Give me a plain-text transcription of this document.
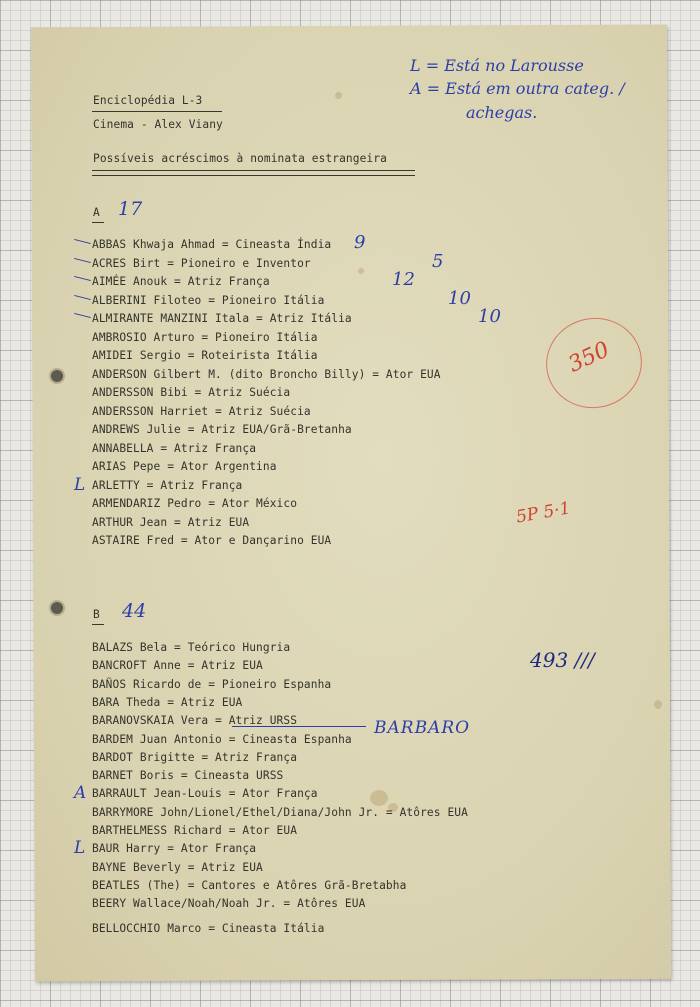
Enciclopédia L-3
Cinema - Alex Viany
Possíveis acréscimos à nominata estrangeira
L = Está no Larousse
A = Está em outra categ. /
achegas.
350
5P 5·1
493 ///
A 17
ABBAS Khwaja Ahmad = Cineasta Índia 9
ACRES Birt = Pioneiro e Inventor	5
AIMÉE Anouk = Atriz França	12
ALBERINI Filoteo = Pioneiro Itália	10
ALMIRANTE MANZINI Itala = Atriz Itália	10
AMBROSIO Arturo = Pioneiro Itália
AMIDEI Sergio = Roteirista Itália
ANDERSON Gilbert M. (dito Broncho Billy) = Ator EUA
ANDERSSON Bibi = Atriz Suécia
ANDERSSON Harriet = Atriz Suécia
ANDREWS Julie = Atriz EUA/Grã-Bretanha
ANNABELLA = Atriz França
ARIAS Pepe = Ator Argentina
ARLETTY = Atriz França
L
ARMENDARIZ Pedro = Ator México
ARTHUR Jean = Atriz EUA
ASTAIRE Fred = Ator e Dançarino EUA
B 44
BALAZS Bela = Teórico Hungria
BANCROFT Anne = Atriz EUA
BAÑOS Ricardo de = Pioneiro Espanha
BARA Theda = Atriz EUA
BARANOVSKAIA Vera = Atriz URSS
BARDEM Juan Antonio = Cineasta Espanha
BARDOT Brigitte = Atriz França
BARNET Boris = Cineasta URSS
BARRAULT Jean-Louis = Ator França
A
BARRYMORE John/Lionel/Ethel/Diana/John Jr. = Atôres EUA
BARTHELMESS Richard = Ator EUA
BAUR Harry = Ator França
L
BAYNE Beverly = Atriz EUA
BEATLES (The) = Cantores e Atôres Grã-Bretabha
BEERY Wallace/Noah/Noah Jr. = Atôres EUA
BELLOCCHIO Marco = Cineasta Itália
BARBARO
